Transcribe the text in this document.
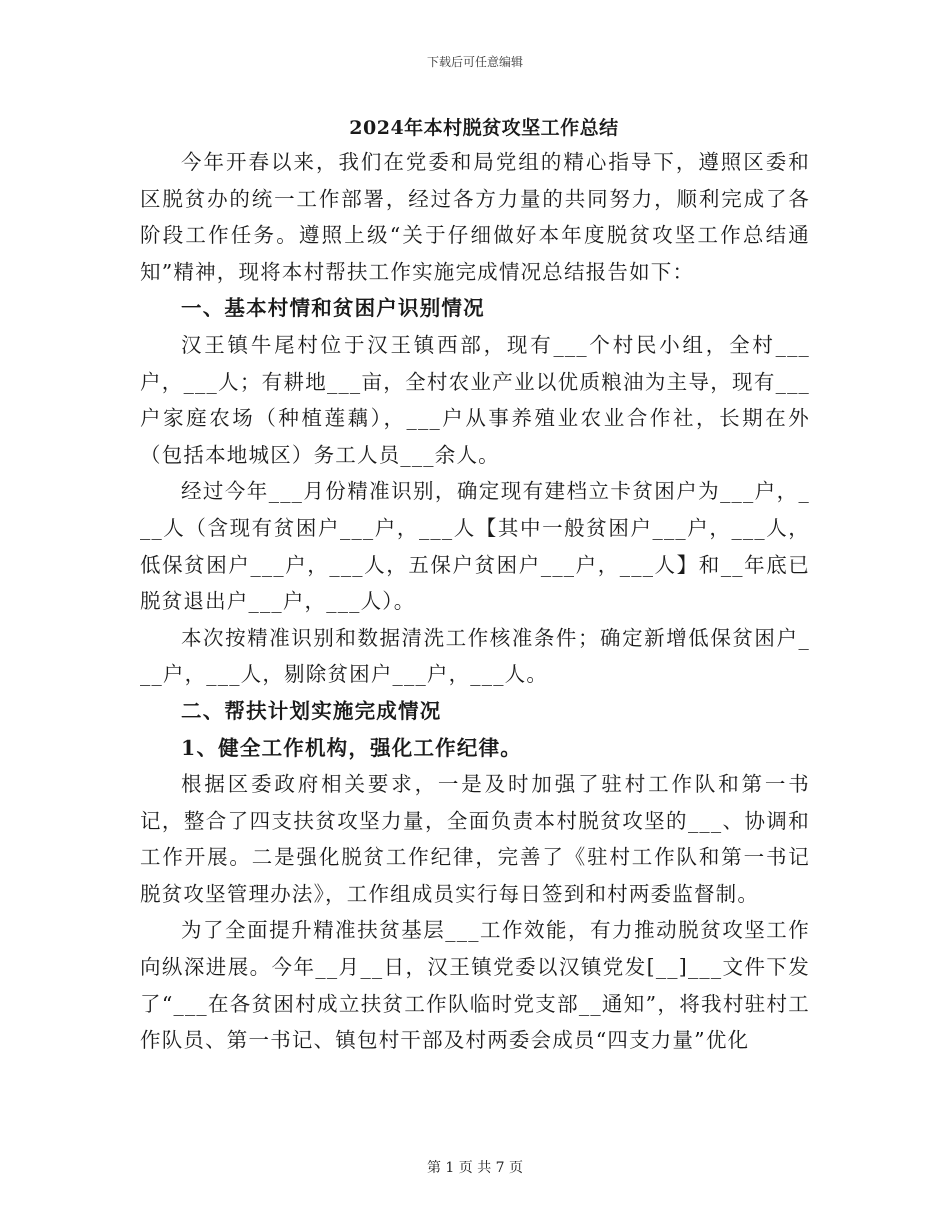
下载后可任意编辑
2024年本村脱贫攻坚工作总结

今年开春以来，我们在党委和局党组的精心指导下，遵照区委和区脱贫办的统一工作部署，经过各方力量的共同努力，顺利完成了各阶段工作任务。遵照上级“关于仔细做好本年度脱贫攻坚工作总结通知”精神，现将本村帮扶工作实施完成情况总结报告如下：

一、基本村情和贫困户识别情况

汉王镇牛尾村位于汉王镇西部，现有___个村民小组，全村___户，___人；有耕地___亩，全村农业产业以优质粮油为主导，现有___户家庭农场（种植莲藕），___户从事养殖业农业合作社，长期在外（包括本地城区）务工人员___余人。

经过今年___月份精准识别，确定现有建档立卡贫困户为___户，___人（含现有贫困户___户，___人【其中一般贫困户___户，___人，低保贫困户___户，___人，五保户贫困户___户，___人】和__年底已脱贫退出户___户，___人）。

本次按精准识别和数据清洗工作核准条件；确定新增低保贫困户___户，___人，剔除贫困户___户，___人。

二、帮扶计划实施完成情况

1、健全工作机构，强化工作纪律。

根据区委政府相关要求，一是及时加强了驻村工作队和第一书记，整合了四支扶贫攻坚力量，全面负责本村脱贫攻坚的___、协调和工作开展。二是强化脱贫工作纪律，完善了《驻村工作队和第一书记脱贫攻坚管理办法》，工作组成员实行每日签到和村两委监督制。

为了全面提升精准扶贫基层___工作效能，有力推动脱贫攻坚工作向纵深进展。今年__月__日，汉王镇党委以汉镇党发[__]___文件下发了“___在各贫困村成立扶贫工作队临时党支部__通知”，将我村驻村工作队员、第一书记、镇包村干部及村两委会成员“四支力量”优化

第 1 页 共 7 页
